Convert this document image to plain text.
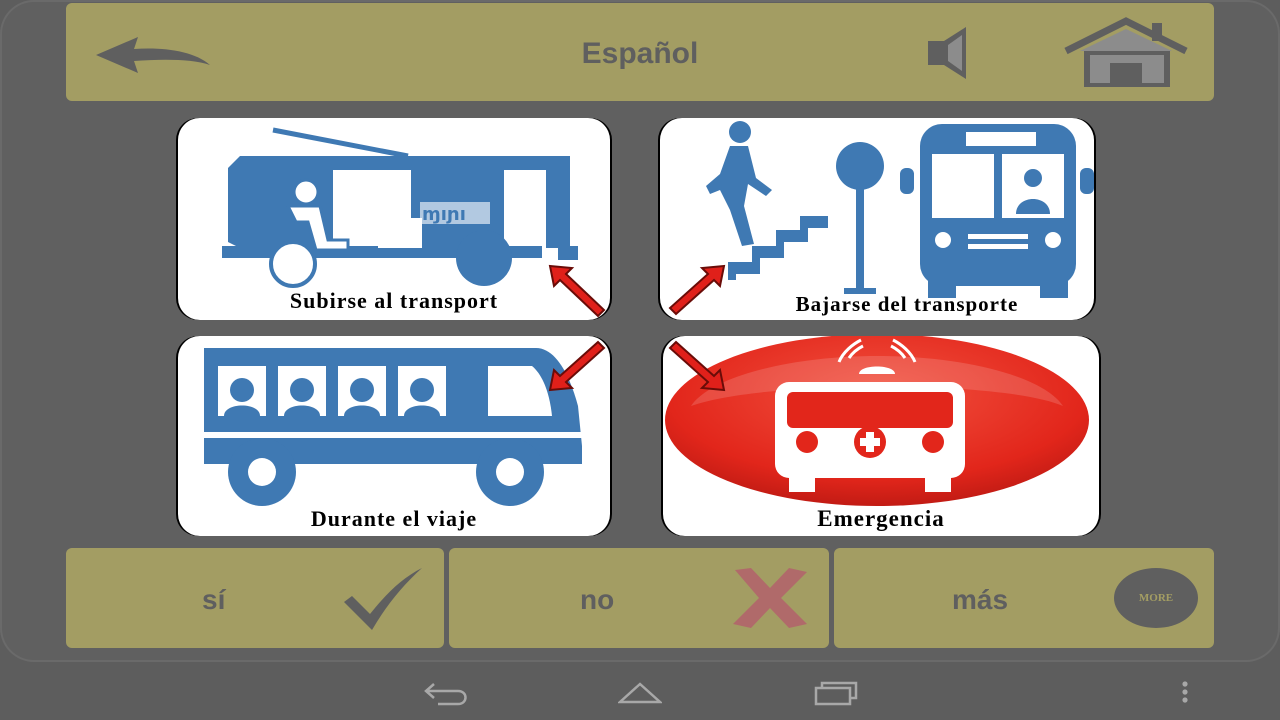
Español
ɱıɲı
Subirse al transport	Bajarse del transporte
Durante el viaje	Emergencia
sí	no	más	MORE
